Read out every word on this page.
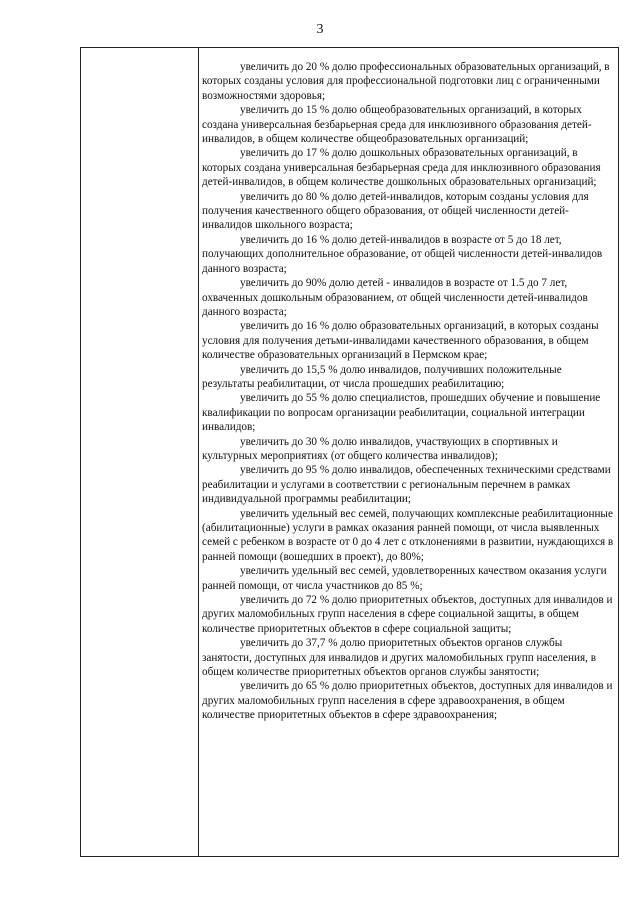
3

увеличить до 20 % долю профессиональных образовательных организаций, в которых созданы условия для профессиональной подготовки лиц с ограниченными возможностями здоровья;

увеличить до 15 % долю общеобразовательных организаций, в которых создана универсальная безбарьерная среда для инклюзивного образования детей-инвалидов, в общем количестве общеобразовательных организаций;

увеличить до 17 % долю дошкольных образовательных организаций, в которых создана универсальная безбарьерная среда для инклюзивного образования детей-инвалидов, в общем количестве дошкольных образовательных организаций;

увеличить до 80 % долю детей-инвалидов, которым созданы условия для получения качественного общего образования, от общей численности детей-инвалидов школьного возраста;

увеличить до 16 % долю детей-инвалидов в возрасте от 5 до 18 лет, получающих дополнительное образование, от общей численности детей-инвалидов данного возраста;

увеличить до 90% долю детей - инвалидов в возрасте от 1.5 до 7 лет, охваченных дошкольным образованием, от общей численности детей-инвалидов данного возраста;

увеличить до 16 % долю образовательных организаций, в которых созданы условия для получения детьми-инвалидами качественного образования, в общем количестве образовательных организаций в Пермском крае;

увеличить до 15,5 % долю инвалидов, получивших положительные результаты реабилитации, от числа прошедших реабилитацию;

увеличить до 55 % долю специалистов, прошедших обучение и повышение квалификации по вопросам организации реабилитации, социальной интеграции инвалидов;

увеличить до 30 % долю инвалидов, участвующих в спортивных и культурных мероприятиях (от общего количества инвалидов);

увеличить до 95 % долю инвалидов, обеспеченных техническими средствами реабилитации и услугами в соответствии с региональным перечнем в рамках индивидуальной программы реабилитации;

увеличить удельный вес семей, получающих комплексные реабилитационные (абилитационные) услуги в рамках оказания ранней помощи, от числа выявленных семей с ребенком в возрасте от 0 до 4 лет с отклонениями в развитии, нуждающихся в ранней помощи (вошедших в проект), до 80%;

увеличить удельный вес семей, удовлетворенных качеством оказания услуги ранней помощи, от числа участников до 85 %;

увеличить до 72 % долю приоритетных объектов, доступных для инвалидов и других маломобильных групп населения в сфере социальной защиты, в общем количестве приоритетных объектов в сфере социальной защиты;

увеличить до 37,7 % долю приоритетных объектов органов службы занятости, доступных для инвалидов и других маломобильных групп населения, в общем количестве приоритетных объектов органов службы занятости;

увеличить до 65 % долю приоритетных объектов, доступных для инвалидов и других маломобильных групп населения в сфере здравоохранения, в общем количестве приоритетных объектов в сфере здравоохранения;
